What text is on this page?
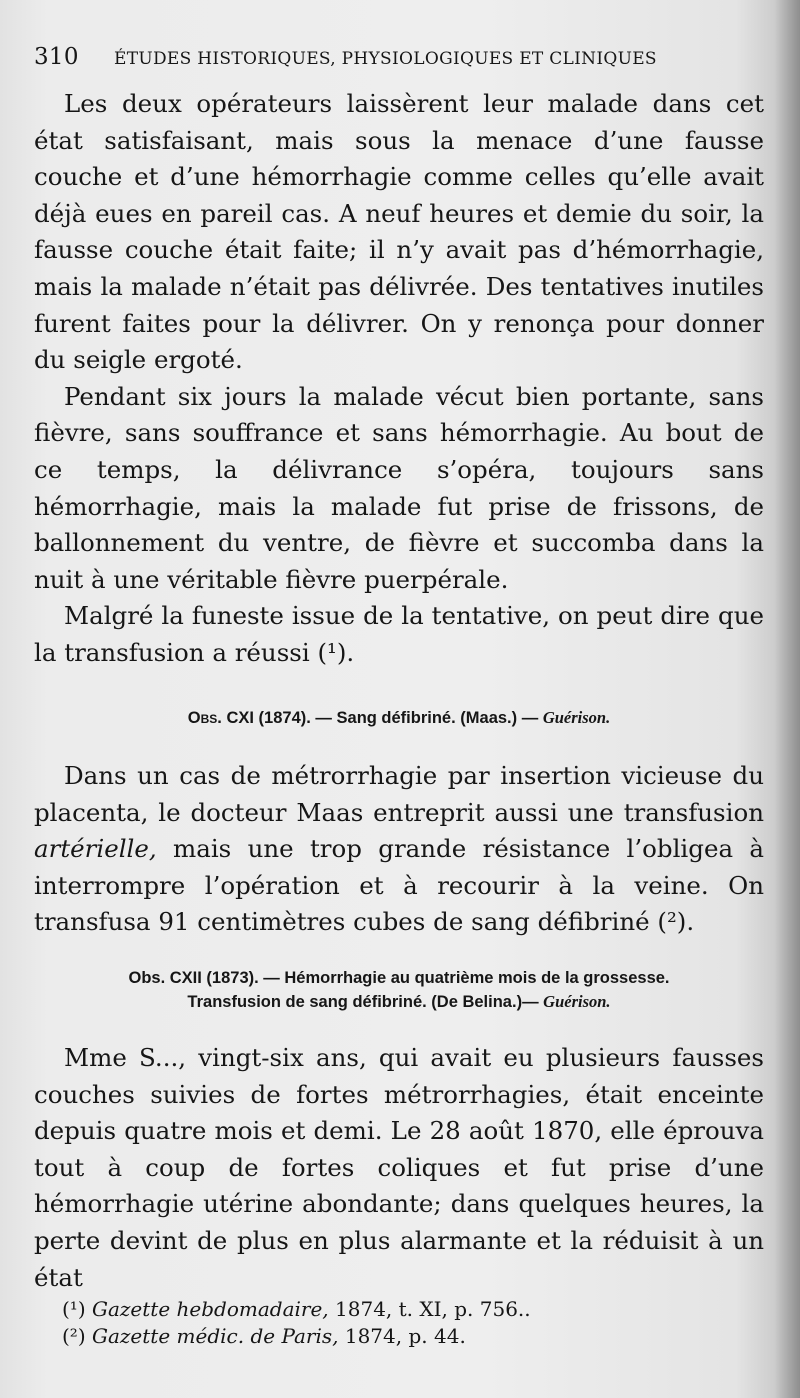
310 ÉTUDES HISTORIQUES, PHYSIOLOGIQUES ET CLINIQUES

Les deux opérateurs laissèrent leur malade dans cet état satisfaisant, mais sous la menace d’une fausse couche et d’une hémorrhagie comme celles qu’elle avait déjà eues en pareil cas. A neuf heures et demie du soir, la fausse couche était faite; il n’y avait pas d’hémorrhagie, mais la malade n’était pas délivrée. Des tentatives inutiles furent faites pour la délivrer. On y renonça pour donner du seigle ergoté.

Pendant six jours la malade vécut bien portante, sans fièvre, sans souffrance et sans hémorrhagie. Au bout de ce temps, la délivrance s’opéra, toujours sans hémorrhagie, mais la malade fut prise de frissons, de ballonnement du ventre, de fièvre et succomba dans la nuit à une véritable fièvre puerpérale.

Malgré la funeste issue de la tentative, on peut dire que la transfusion a réussi (¹).

Obs. CXI (1874). — Sang défibriné. (Maas.) — Guérison.

Dans un cas de métrorrhagie par insertion vicieuse du placenta, le docteur Maas entreprit aussi une transfusion artérielle, mais une trop grande résistance l’obligea à interrompre l’opération et à recourir à la veine. On transfusa 91 centimètres cubes de sang défibriné (²).

Obs. CXII (1873). — Hémorrhagie au quatrième mois de la grossesse.
Transfusion de sang défibriné. (De Belina.)— Guérison.

Mme S..., vingt-six ans, qui avait eu plusieurs fausses couches suivies de fortes métrorrhagies, était enceinte depuis quatre mois et demi. Le 28 août 1870, elle éprouva tout à coup de fortes coliques et fut prise d’une hémorrhagie utérine abondante; dans quelques heures, la perte devint de plus en plus alarmante et la réduisit à un état

(¹) Gazette hebdomadaire, 1874, t. XI, p. 756..
(²) Gazette médic. de Paris, 1874, p. 44.
